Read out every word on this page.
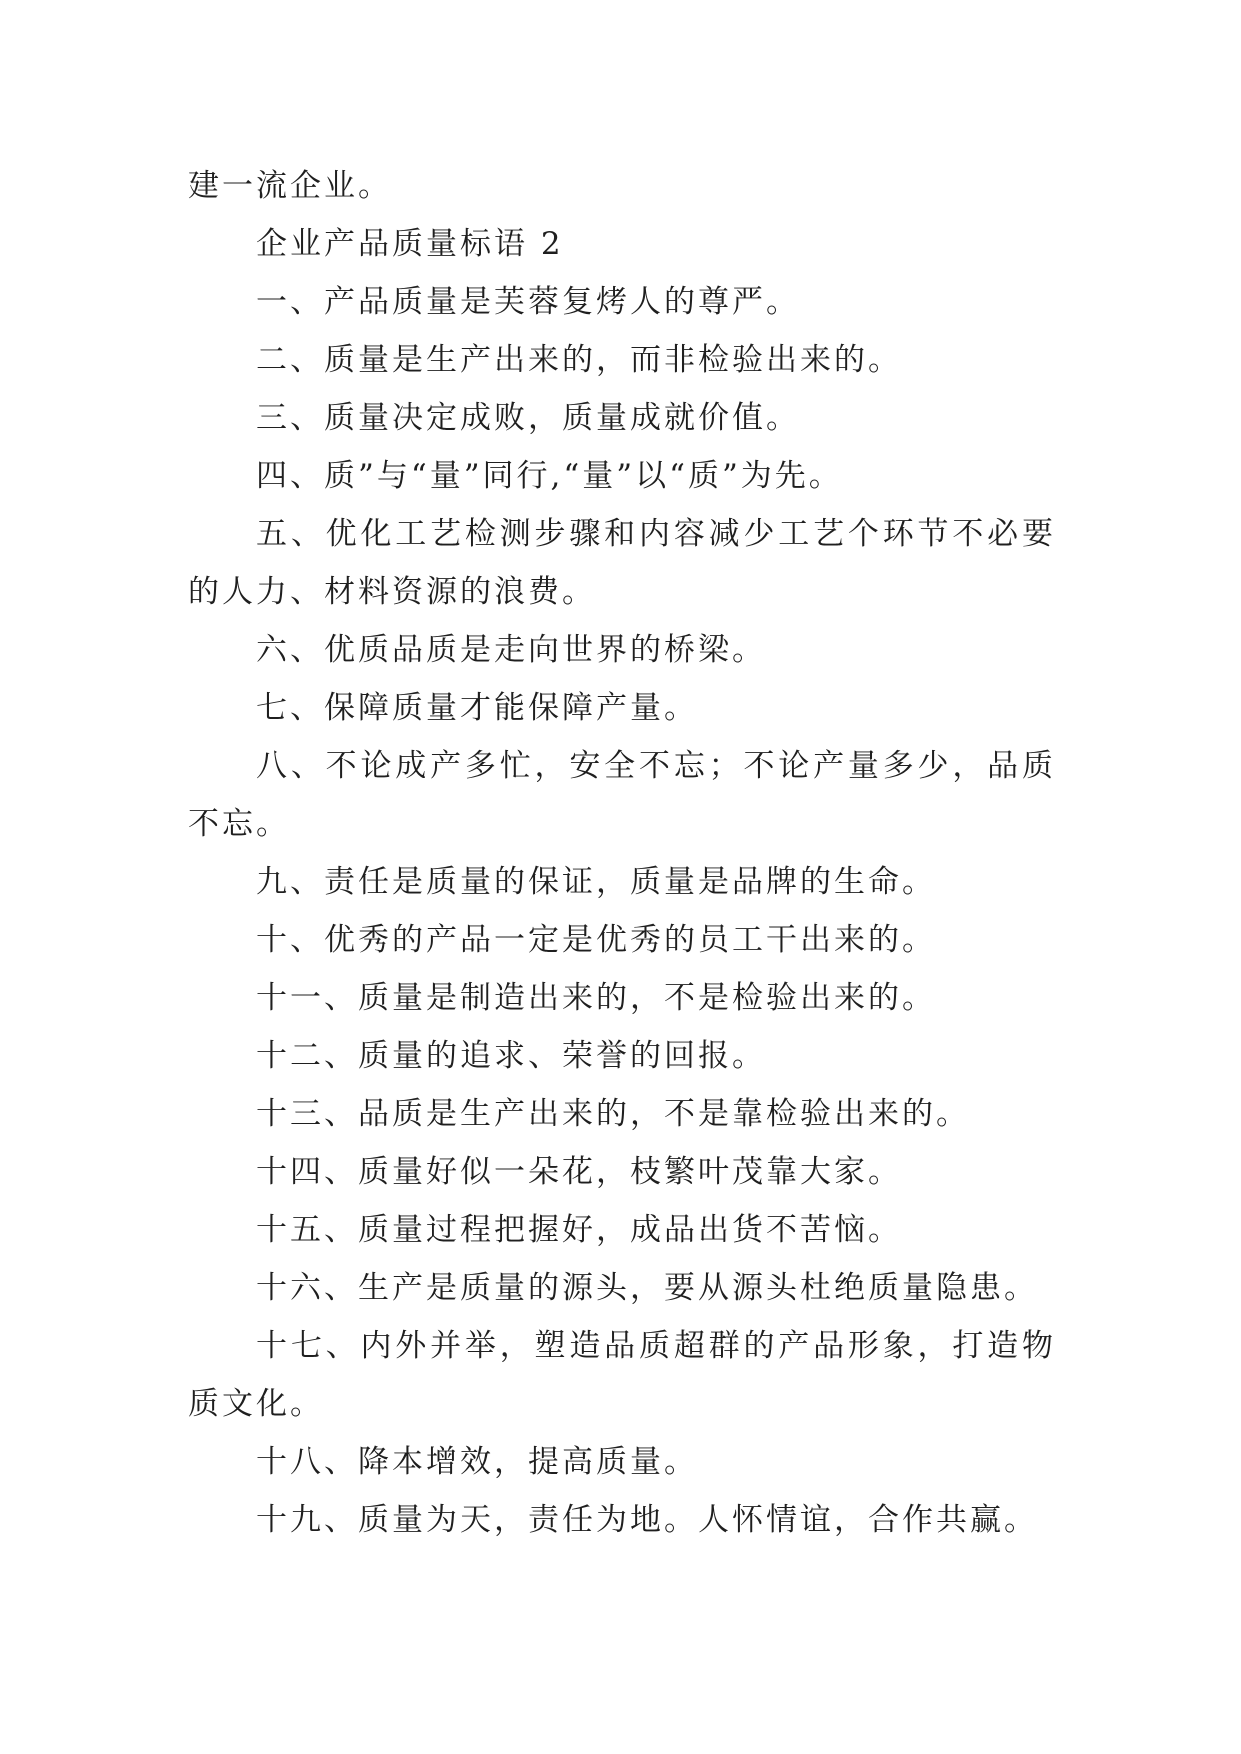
建一流企业。

企业产品质量标语 2

一、产品质量是芙蓉复烤人的尊严。

二、质量是生产出来的，而非检验出来的。

三、质量决定成败，质量成就价值。

四、质”与“量”同行,“量”以“质”为先。

五、优化工艺检测步骤和内容减少工艺个环节不必要的人力、材料资源的浪费。

六、优质品质是走向世界的桥梁。

七、保障质量才能保障产量。

八、不论成产多忙，安全不忘；不论产量多少，品质不忘。

九、责任是质量的保证，质量是品牌的生命。

十、优秀的产品一定是优秀的员工干出来的。

十一、质量是制造出来的，不是检验出来的。

十二、质量的追求、荣誉的回报。

十三、品质是生产出来的，不是靠检验出来的。

十四、质量好似一朵花，枝繁叶茂靠大家。

十五、质量过程把握好，成品出货不苦恼。

十六、生产是质量的源头，要从源头杜绝质量隐患。

十七、内外并举，塑造品质超群的产品形象，打造物质文化。

十八、降本增效，提高质量。

十九、质量为天，责任为地。人怀情谊，合作共赢。
